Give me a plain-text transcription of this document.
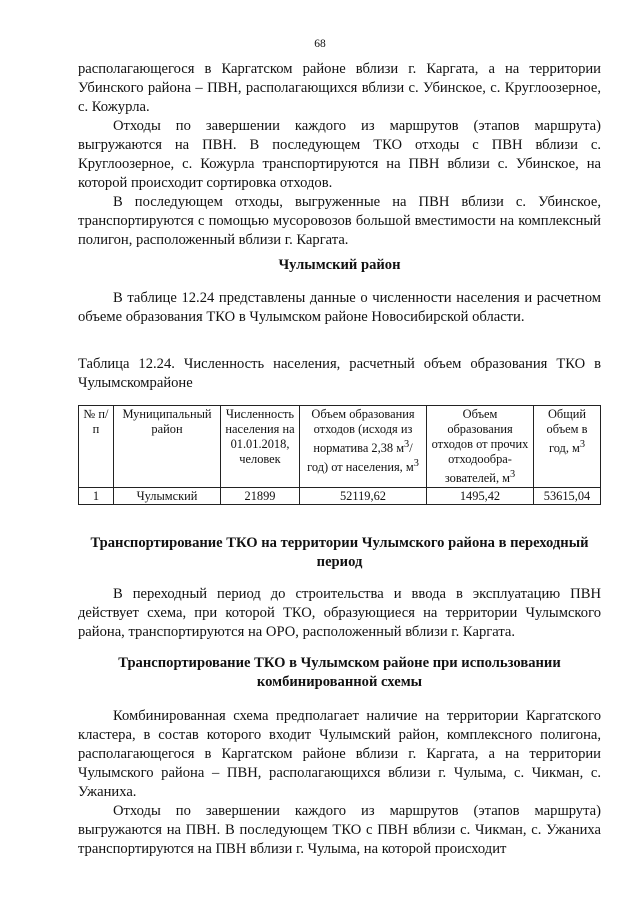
68

располагающегося в Каргатском районе вблизи г. Каргата, а на территории Убинского района – ПВН, располагающихся вблизи с. Убинское, с. Круглоозерное, с. Кожурла.

Отходы по завершении каждого из маршрутов (этапов маршрута) выгружаются на ПВН. В последующем ТКО отходы с ПВН вблизи с. Круглоозерное, с. Кожурла транспортируются на ПВН вблизи с. Убинское, на которой происходит сортировка отходов.

В последующем отходы, выгруженные на ПВН вблизи с. Убинское, транспортируются с помощью мусоровозов большой вместимости на комплексный полигон, расположенный вблизи г. Каргата.

Чулымский район

В таблице 12.24 представлены данные о численности населения и расчетном объеме образования ТКО в Чулымском районе Новосибирской области.

Таблица 12.24. Численность населения, расчетный объем образования ТКО в Чулымскомрайоне

№ п/п	Муниципальный район	Численность населения на 01.01.2018, человек	Объем образования отходов (исходя из норматива 2,38 $м^3/год$) от населения, $м^3$	Объем образования отходов от прочих отходообра-зователей, $м^3$	Общий объем в год, $м^3$
1	Чулымский	21899	52119,62	1495,42	53615,04
Транспортирование ТКО на территории Чулымского района в переходный период

В переходный период до строительства и ввода в эксплуатацию ПВН действует схема, при которой ТКО, образующиеся на территории Чулымского района, транспортируются на ОРО, расположенный вблизи г. Каргата.

Транспортирование ТКО в Чулымском районе при использовании комбинированной схемы

Комбинированная схема предполагает наличие на территории Каргатского кластера, в состав которого входит Чулымский район, комплексного полигона, располагающегося в Каргатском районе вблизи г. Каргата, а на территории Чулымского района – ПВН, располагающихся вблизи г. Чулыма, с. Чикман, с. Ужаниха.

Отходы по завершении каждого из маршрутов (этапов маршрута) выгружаются на ПВН. В последующем ТКО с ПВН вблизи с. Чикман, с. Ужаниха транспортируются на ПВН вблизи г. Чулыма, на которой происходит
